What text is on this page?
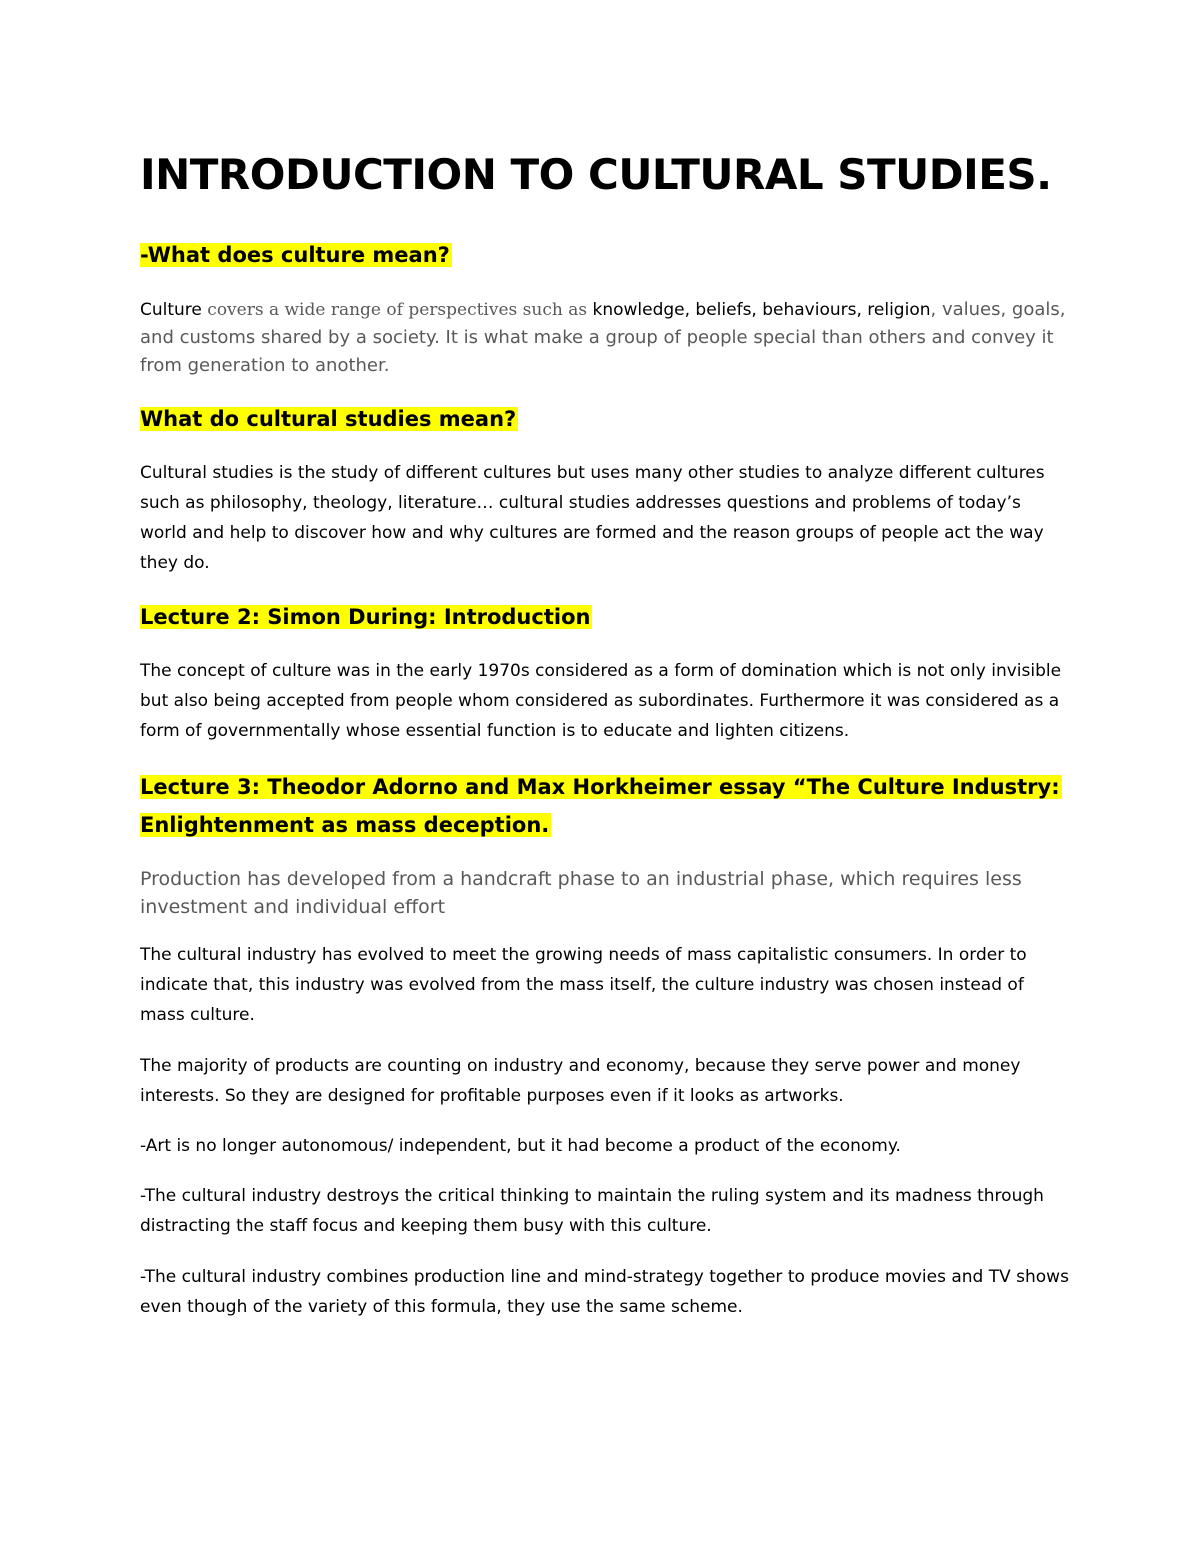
INTRODUCTION TO CULTURAL STUDIES.
-What does culture mean?

Culture covers a wide range of perspectives such as knowledge, beliefs, behaviours, religion, values, goals, and customs shared by a society. It is what make a group of people special than others and convey it from generation to another.

What do cultural studies mean?

Cultural studies is the study of different cultures but uses many other studies to analyze different cultures such as philosophy, theology, literature… cultural studies addresses questions and problems of today’s world and help to discover how and why cultures are formed and the reason groups of people act the way they do.

Lecture 2: Simon During: Introduction

The concept of culture was in the early 1970s considered as a form of domination which is not only invisible but also being accepted from people whom considered as subordinates. Furthermore it was considered as a form of governmentally whose essential function is to educate and lighten citizens.

Lecture 3: Theodor Adorno and Max Horkheimer essay “The Culture Industry:
Enlightenment as mass deception.

Production has developed from a handcraft phase to an industrial phase, which requires less investment and individual effort

The cultural industry has evolved to meet the growing needs of mass capitalistic consumers. In order to indicate that, this industry was evolved from the mass itself, the culture industry was chosen instead of mass culture.

The majority of products are counting on industry and economy, because they serve power and money interests. So they are designed for profitable purposes even if it looks as artworks.

-Art is no longer autonomous/ independent, but it had become a product of the economy.

-The cultural industry destroys the critical thinking to maintain the ruling system and its madness through distracting the staff focus and keeping them busy with this culture.

-The cultural industry combines production line and mind-strategy together to produce movies and TV shows even though of the variety of this formula, they use the same scheme.
